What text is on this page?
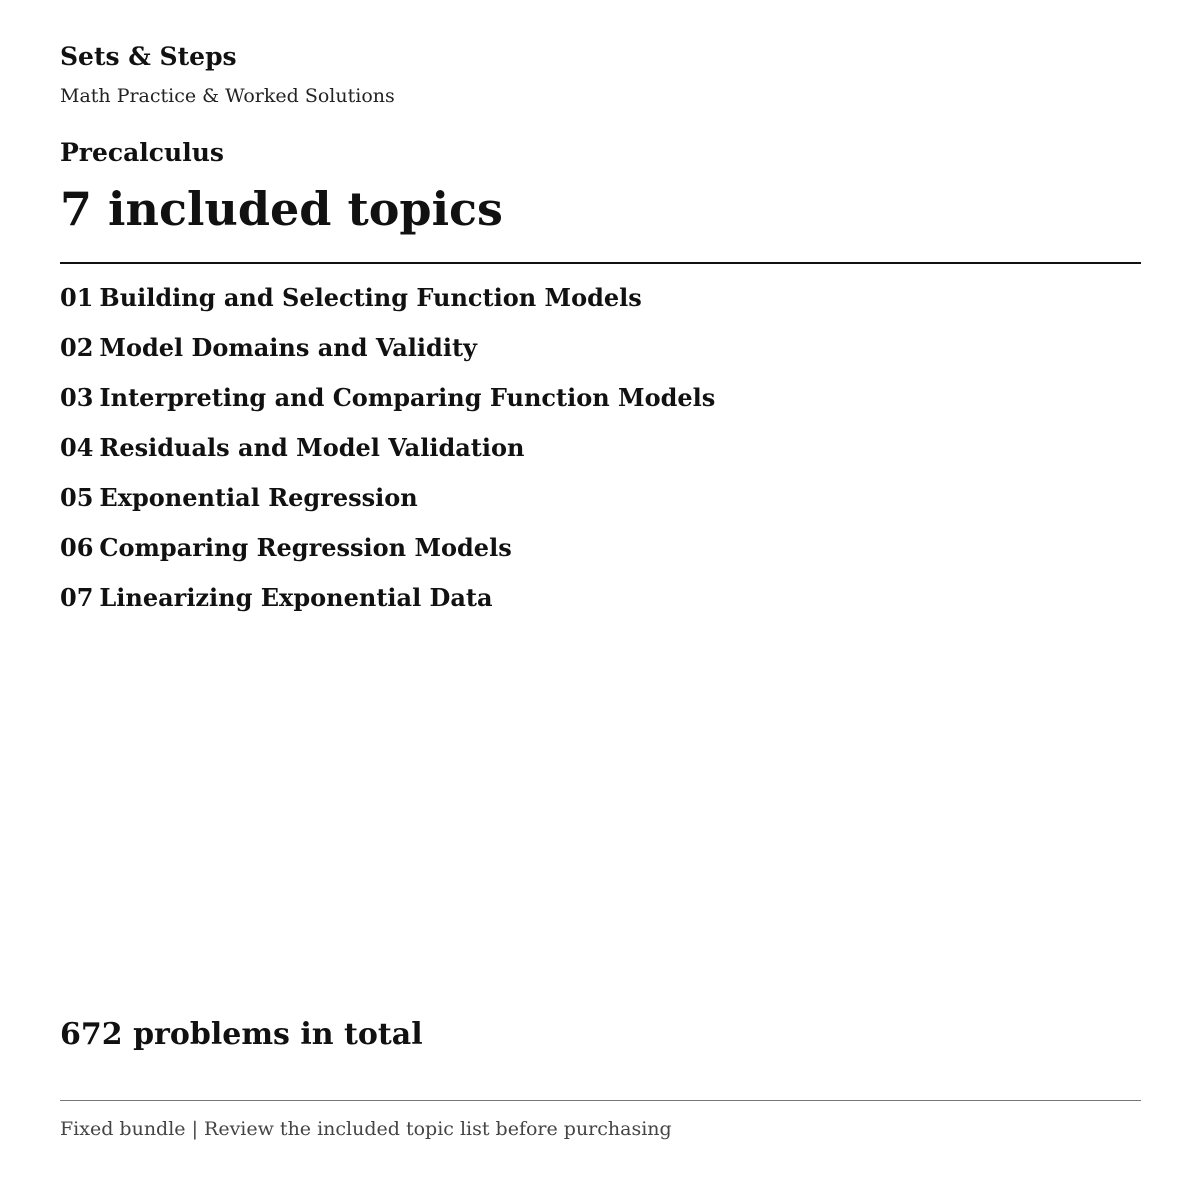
Sets & Steps
Math Practice & Worked Solutions
Precalculus
7 included topics
01 Building and Selecting Function Models
02 Model Domains and Validity
03 Interpreting and Comparing Function Models
04 Residuals and Model Validation
05 Exponential Regression
06 Comparing Regression Models
07 Linearizing Exponential Data
672 problems in total
Fixed bundle | Review the included topic list before purchasing
